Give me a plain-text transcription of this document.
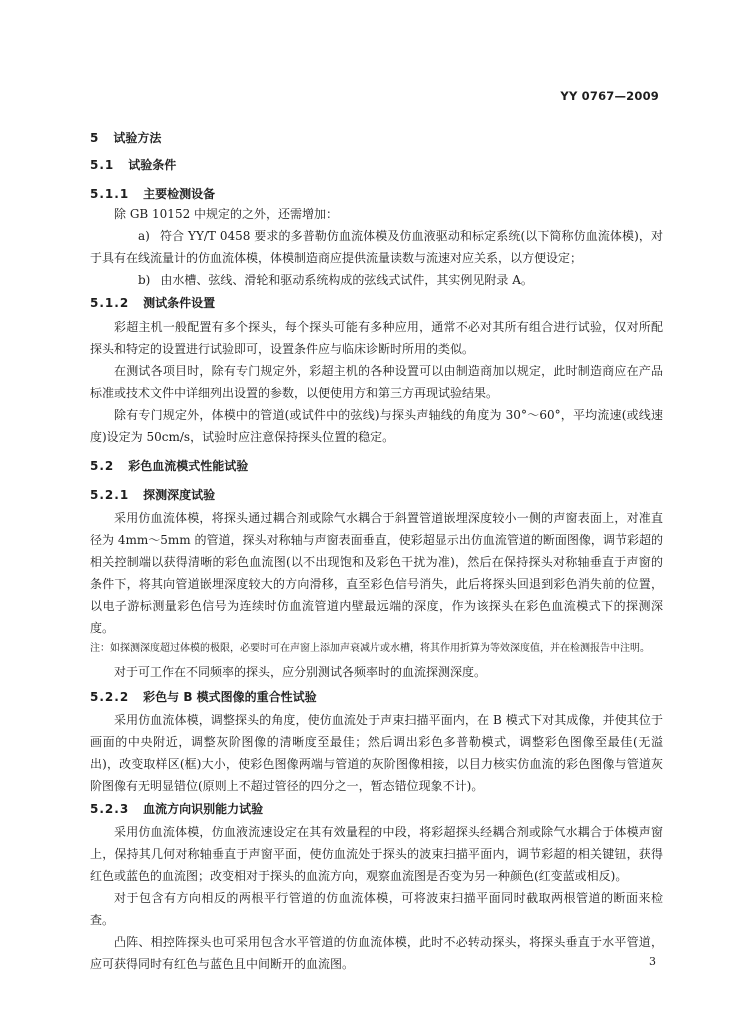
YY 0767—2009
5 试验方法
5.1 试验条件
5.1.1 主要检测设备

除 GB 10152 中规定的之外，还需增加：

a) 符合 YY/T 0458 要求的多普勒仿血流体模及仿血液驱动和标定系统(以下简称仿血流体模)，对于具有在线流量计的仿血流体模，体模制造商应提供流量读数与流速对应关系，以方便设定；

b) 由水槽、弦线、滑轮和驱动系统构成的弦线式试件，其实例见附录 A。

5.1.2 测试条件设置

彩超主机一般配置有多个探头，每个探头可能有多种应用，通常不必对其所有组合进行试验，仅对所配探头和特定的设置进行试验即可，设置条件应与临床诊断时所用的类似。

在测试各项目时，除有专门规定外，彩超主机的各种设置可以由制造商加以规定，此时制造商应在产品标准或技术文件中详细列出设置的参数，以便使用方和第三方再现试验结果。

除有专门规定外，体模中的管道(或试件中的弦线)与探头声轴线的角度为 30°～60°，平均流速(或线速度)设定为 50cm/s，试验时应注意保持探头位置的稳定。

5.2 彩色血流模式性能试验
5.2.1 探测深度试验

采用仿血流体模，将探头通过耦合剂或除气水耦合于斜置管道嵌埋深度较小一侧的声窗表面上，对准直径为 4mm～5mm 的管道，探头对称轴与声窗表面垂直，使彩超显示出仿血流管道的断面图像，调节彩超的相关控制端以获得清晰的彩色血流图(以不出现饱和及彩色干扰为准)，然后在保持探头对称轴垂直于声窗的条件下，将其向管道嵌埋深度较大的方向滑移，直至彩色信号消失，此后将探头回退到彩色消失前的位置，以电子游标测量彩色信号为连续时仿血流管道内壁最远端的深度，作为该探头在彩色血流模式下的探测深度。

注：如探测深度超过体模的极限，必要时可在声窗上添加声衰减片或水槽，将其作用折算为等效深度值，并在检测报告中注明。

对于可工作在不同频率的探头，应分别测试各频率时的血流探测深度。

5.2.2 彩色与 B 模式图像的重合性试验

采用仿血流体模，调整探头的角度，使仿血流处于声束扫描平面内，在 B 模式下对其成像，并使其位于画面的中央附近，调整灰阶图像的清晰度至最佳；然后调出彩色多普勒模式，调整彩色图像至最佳(无溢出)，改变取样区(框)大小，使彩色图像两端与管道的灰阶图像相接，以目力核实仿血流的彩色图像与管道灰阶图像有无明显错位(原则上不超过管径的四分之一，暂态错位现象不计)。

5.2.3 血流方向识别能力试验

采用仿血流体模，仿血液流速设定在其有效量程的中段，将彩超探头经耦合剂或除气水耦合于体模声窗上，保持其几何对称轴垂直于声窗平面，使仿血流处于探头的波束扫描平面内，调节彩超的相关键钮，获得红色或蓝色的血流图；改变相对于探头的血流方向，观察血流图是否变为另一种颜色(红变蓝或相反)。

对于包含有方向相反的两根平行管道的仿血流体模，可将波束扫描平面同时截取两根管道的断面来检查。

凸阵、相控阵探头也可采用包含水平管道的仿血流体模，此时不必转动探头，将探头垂直于水平管道，应可获得同时有红色与蓝色且中间断开的血流图。	3
